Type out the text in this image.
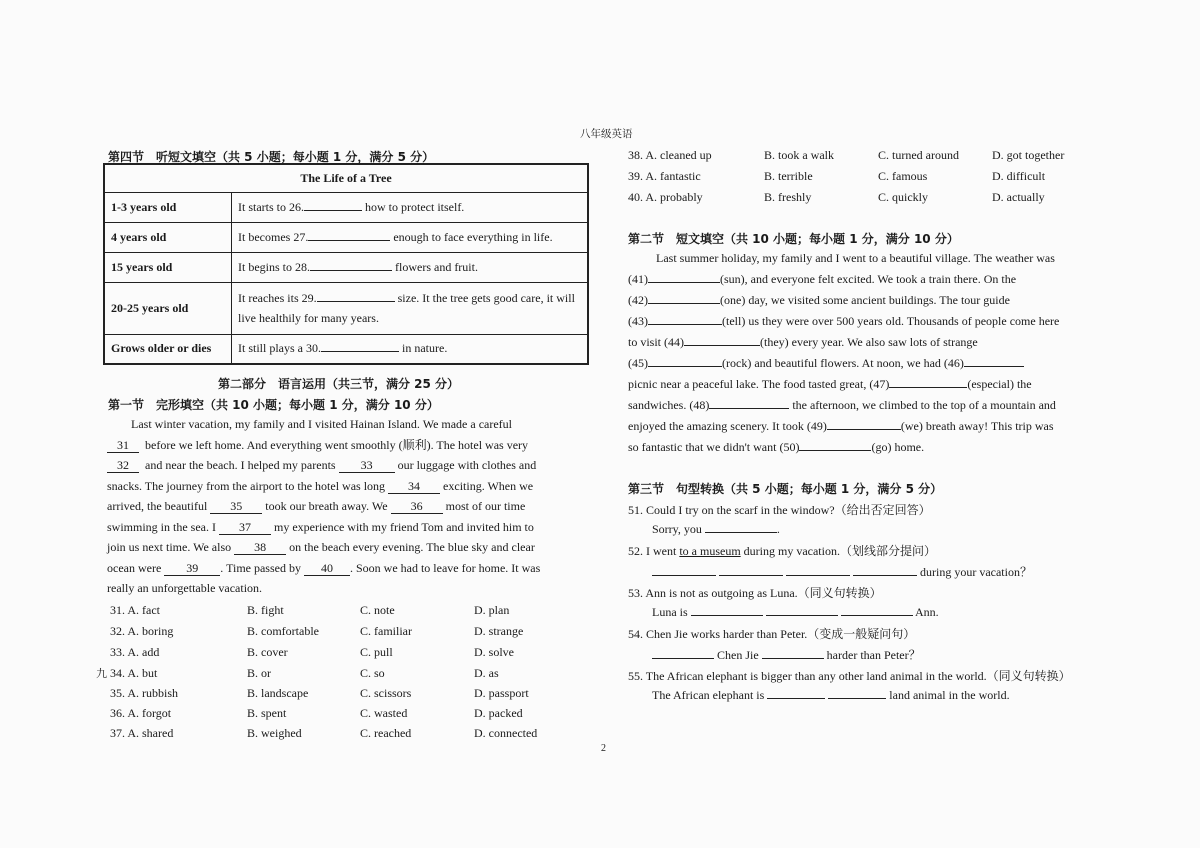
八年级英语
第四节　听短文填空（共 5 小题；每小题 1 分，满分 5 分）
The Life of a Tree	
1-3 years old	It starts to 26. how to protect itself.
4 years old	It becomes 27. enough to face everything in life.
15 years old	It begins to 28. flowers and fruit.
20-25 years old	It reaches its 29. size. It the tree gets good care, it will live healthily for many years.
Grows older or dies	It still plays a 30. in nature.
第二部分　语言运用（共三节，满分 25 分）
第一节　完形填空（共 10 小题；每小题 1 分，满分 10 分）
Last winter vacation, my family and I visited Hainan Island. We made a careful
31 before we left home. And everything went smoothly (顺利). The hotel was very
32 and near the beach. I helped my parents 33 our luggage with clothes and
snacks. The journey from the airport to the hotel was long 34 exciting. When we
arrived, the beautiful 35 took our breath away. We 36 most of our time
swimming in the sea. I 37 my experience with my friend Tom and invited him to
join us next time. We also 38 on the beach every evening. The blue sky and clear
ocean were 39 . Time passed by 40 . Soon we had to leave for home. It was
really an unforgettable vacation.
九
31. A. fact	B. fight	C. note	D. plan
32. A. boring	B. comfortable	C. familiar	D. strange
33. A. add	B. cover	C. pull	D. solve
34. A. but	B. or	C. so	D. as
35. A. rubbish	B. landscape	C. scissors	D. passport
36. A. forgot	B. spent	C. wasted	D. packed
37. A. shared	B. weighed	C. reached	D. connected
38. A. cleaned up	B. took a walk	C. turned around	D. got together
39. A. fantastic	B. terrible	C. famous	D. difficult
40. A. probably	B. freshly	C. quickly	D. actually
第二节　短文填空（共 10 小题；每小题 1 分，满分 10 分）
Last summer holiday, my family and I went to a beautiful village. The weather was
(41)	(sun), and everyone felt excited. We took a train there. On the
(42)	(one) day, we visited some ancient buildings. The tour guide
(43)	(tell) us they were over 500 years old. Thousands of people come here
to visit (44)	(they) every year. We also saw lots of strange
(45)	(rock) and beautiful flowers. At noon, we had (46)
picnic near a peaceful lake. The food tasted great, (47)	(especial) the
sandwiches. (48)	the afternoon, we climbed to the top of a mountain and
enjoyed the amazing scenery. It took (49)	(we) breath away! This trip was
so fantastic that we didn't want (50)	(go) home.
第三节　句型转换（共 5 小题；每小题 1 分，满分 5 分）
51. Could I try on the scarf in the window?（给出否定回答）
Sorry, you	.
52. I went to a museum during my vacation.（划线部分提问）
during your vacation？
53. Ann is not as outgoing as Luna.（同义句转换）
Luna is	Ann.
54. Chen Jie works harder than Peter.（变成一般疑问句）
Chen Jie	harder than Peter？
55. The African elephant is bigger than any other land animal in the world.（同义句转换）
The African elephant is	land animal in the world.
2
